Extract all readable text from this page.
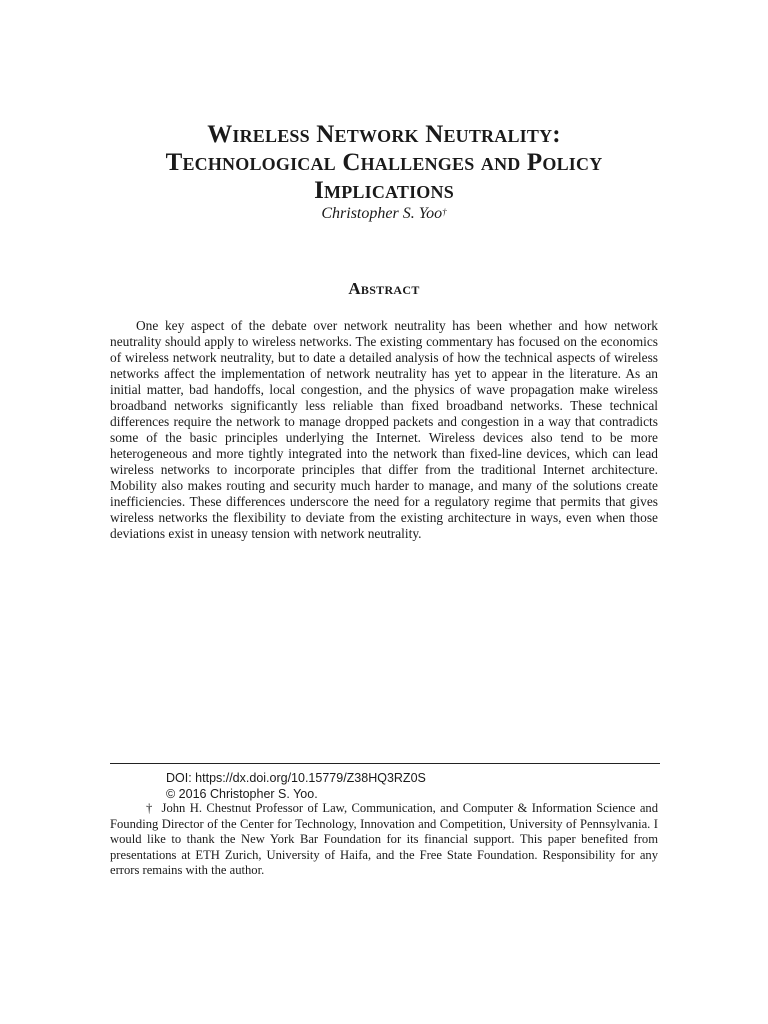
Wireless Network Neutrality:
Technological Challenges and Policy
Implications
Christopher S. Yoo†
Abstract

One key aspect of the debate over network neutrality has been whether and how network neutrality should apply to wireless networks. The existing commentary has focused on the economics of wireless network neutrality, but to date a detailed analysis of how the technical aspects of wireless networks affect the implementation of network neutrality has yet to appear in the literature. As an initial matter, bad handoffs, local congestion, and the physics of wave propagation make wireless broadband networks significantly less reliable than fixed broadband networks. These technical differences require the network to manage dropped packets and congestion in a way that contradicts some of the basic principles underlying the Internet. Wireless devices also tend to be more heterogeneous and more tightly integrated into the network than fixed-line devices, which can lead wireless networks to incorporate principles that differ from the traditional Internet architecture. Mobility also makes routing and security much harder to manage, and many of the solutions create inefficiencies. These differences underscore the need for a regulatory regime that permits that gives wireless networks the flexibility to deviate from the existing architecture in ways, even when those deviations exist in uneasy tension with network neutrality.

DOI: https://dx.doi.org/10.15779/Z38HQ3RZ0S
© 2016 Christopher S. Yoo.

† John H. Chestnut Professor of Law, Communication, and Computer & Information Science and Founding Director of the Center for Technology, Innovation and Competition, University of Pennsylvania. I would like to thank the New York Bar Foundation for its financial support. This paper benefited from presentations at ETH Zurich, University of Haifa, and the Free State Foundation. Responsibility for any errors remains with the author.
